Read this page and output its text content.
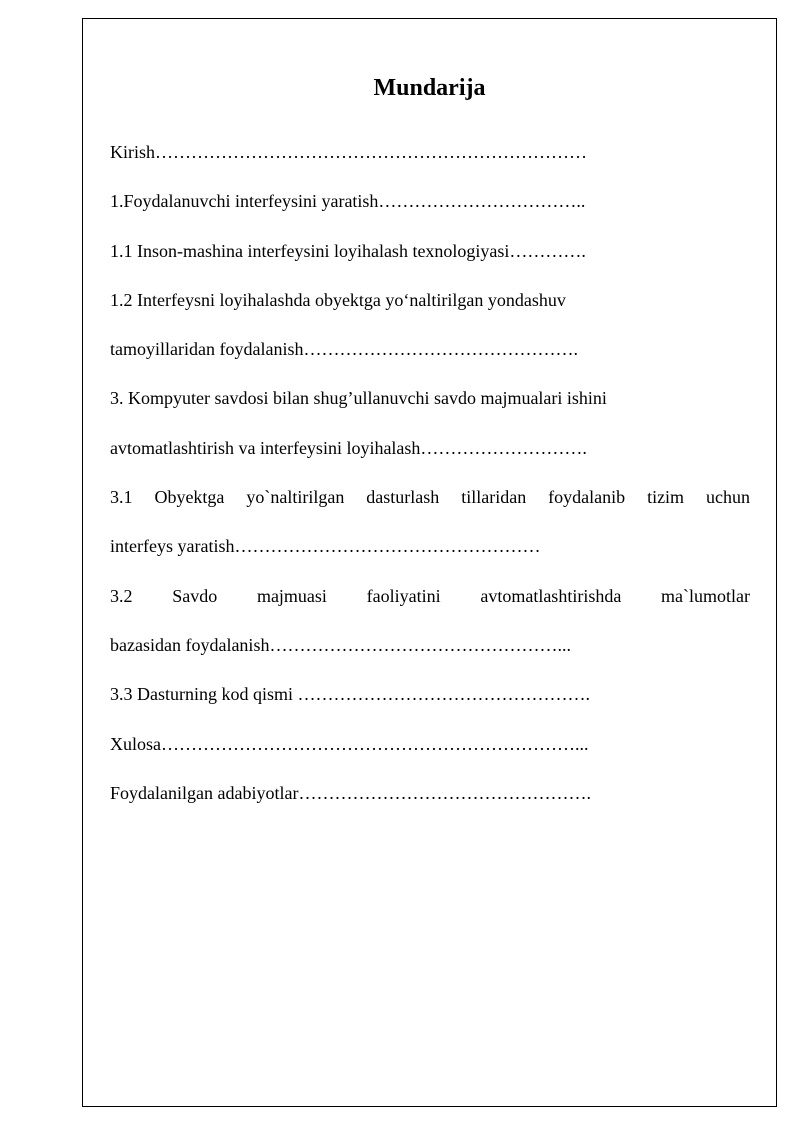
Mundarija
Kirish………………………………………………………………
1.Foydalanuvchi interfeysini yaratish……………………………..
1.1 Inson-mashina interfeysini loyihalash texnologiyasi………….
1.2 Interfeysni loyihalashda obyektga yo‘naltirilgan yondashuv
tamoyillaridan foydalanish……………………………………….
3. Kompyuter savdosi bilan shug’ullanuvchi savdo majmualari ishini
avtomatlashtirish va interfeysini loyihalash……………………….
3.1 Obyektga yo`naltirilgan dasturlash tillaridan foydalanib tizim uchun
interfeys yaratish……………………………………………
3.2 Savdo majmuasi faoliyatini avtomatlashtirishda ma`lumotlar
bazasidan foydalanish…………………………………………...
3.3 Dasturning kod qismi ………………………………………….
Xulosa……………………………………………………………...
Foydalanilgan adabiyotlar………………………………………….
